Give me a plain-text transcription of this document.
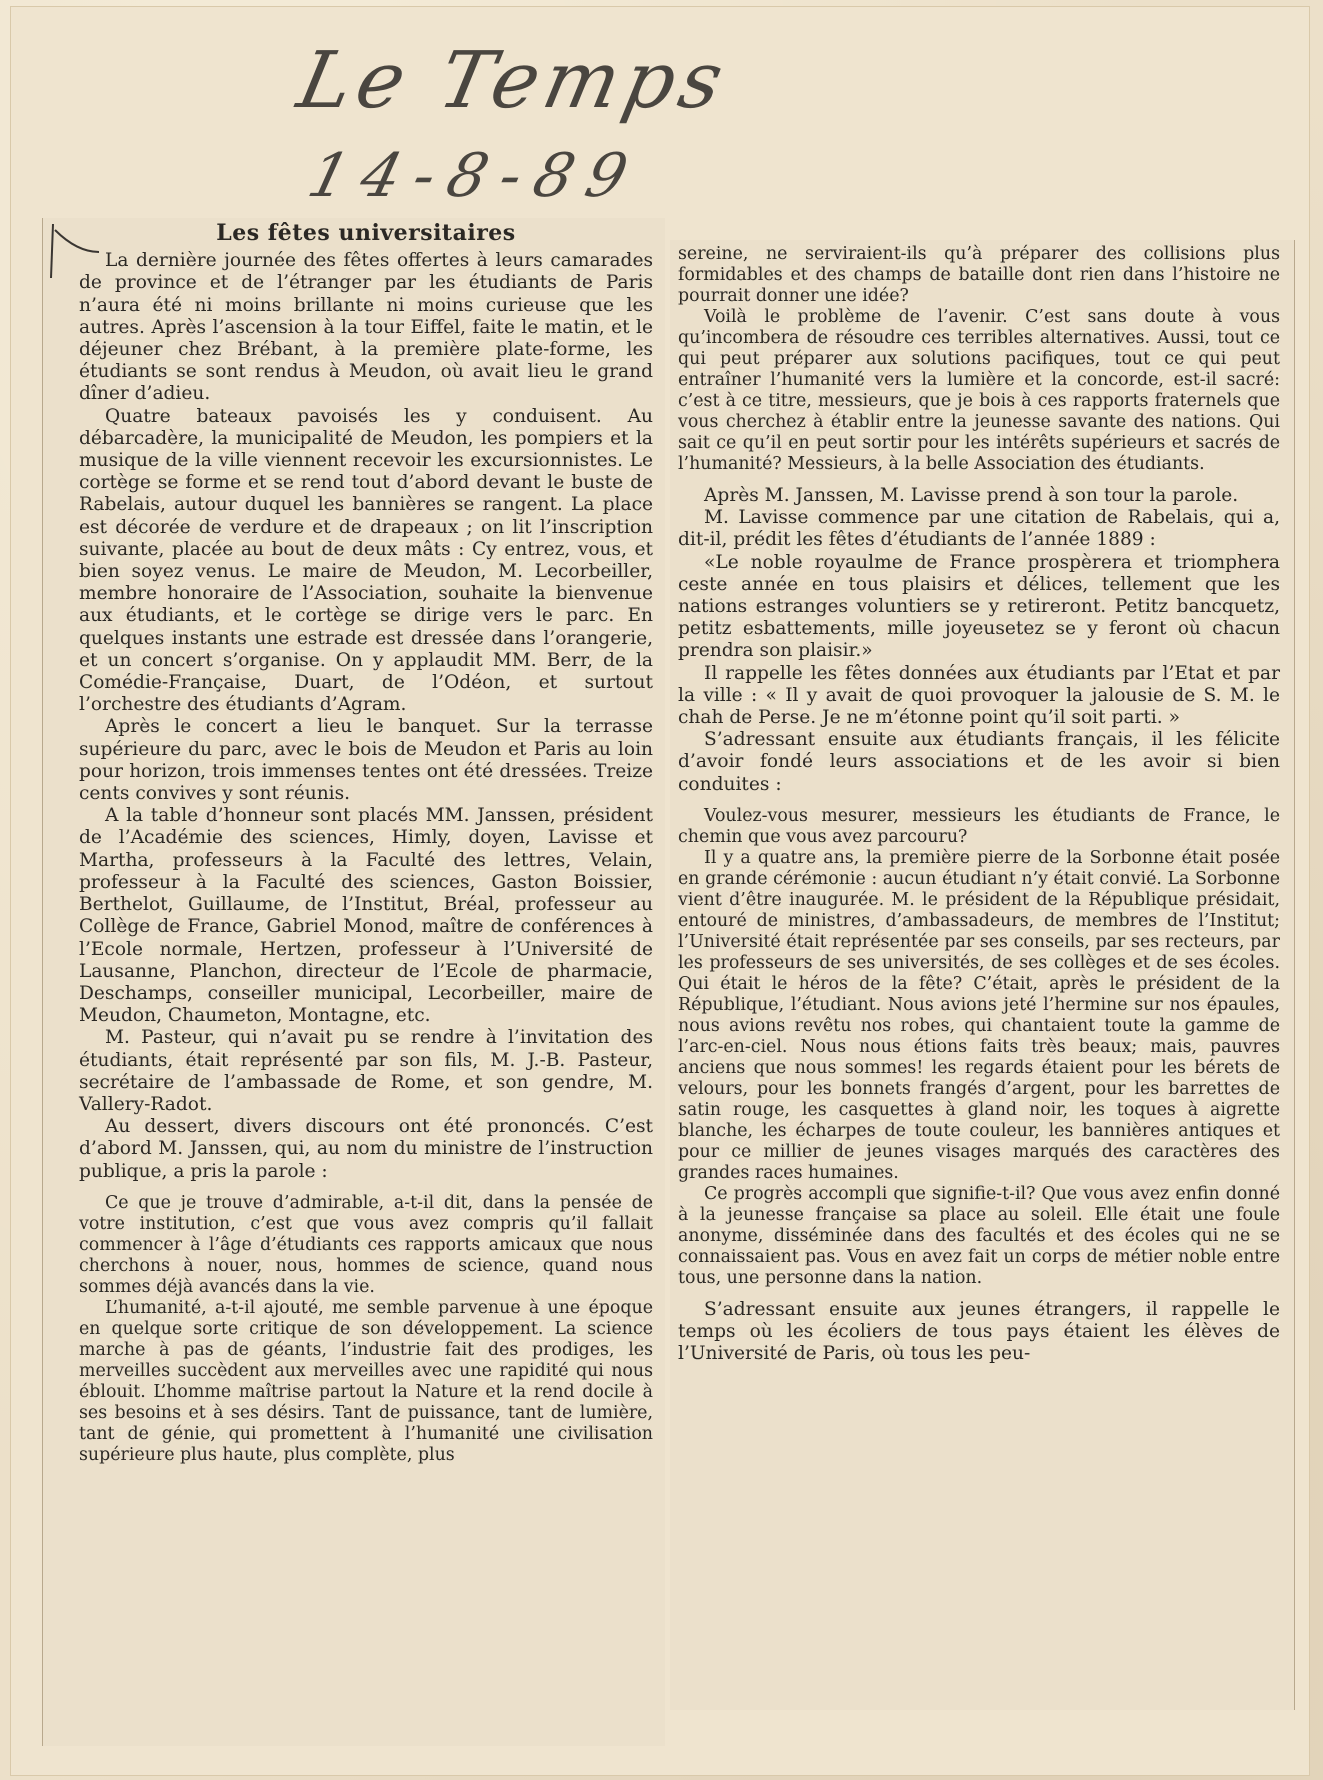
Le Temps
14-8-89
Les fêtes universitaires

La dernière journée des fêtes offertes à leurs camarades de province et de l’étranger par les étudiants de Paris n’aura été ni moins brillante ni moins curieuse que les autres. Après l’ascension à la tour Eiffel, faite le matin, et le déjeuner chez Brébant, à la première plate-forme, les étudiants se sont rendus à Meudon, où avait lieu le grand dîner d’adieu.

Quatre bateaux pavoisés les y conduisent. Au débarcadère, la municipalité de Meudon, les pompiers et la musique de la ville viennent recevoir les excursionnistes. Le cortège se forme et se rend tout d’abord devant le buste de Rabelais, autour duquel les bannières se rangent. La place est décorée de verdure et de drapeaux ; on lit l’inscription suivante, placée au bout de deux mâts : Cy entrez, vous, et bien soyez venus. Le maire de Meudon, M. Lecorbeiller, membre honoraire de l’Association, souhaite la bienvenue aux étudiants, et le cortège se dirige vers le parc. En quelques instants une estrade est dressée dans l’orangerie, et un concert s’organise. On y applaudit MM. Berr, de la Comédie-Française, Duart, de l’Odéon, et surtout l’orchestre des étudiants d’Agram.

Après le concert a lieu le banquet. Sur la terrasse supérieure du parc, avec le bois de Meudon et Paris au loin pour horizon, trois immenses tentes ont été dressées. Treize cents convives y sont réunis.

A la table d’honneur sont placés MM. Janssen, président de l’Académie des sciences, Himly, doyen, Lavisse et Martha, professeurs à la Faculté des lettres, Velain, professeur à la Faculté des sciences, Gaston Boissier, Berthelot, Guillaume, de l’Institut, Bréal, professeur au Collège de France, Gabriel Monod, maître de conférences à l’Ecole normale, Hertzen, professeur à l’Université de Lausanne, Planchon, directeur de l’Ecole de pharmacie, Deschamps, conseiller municipal, Lecorbeiller, maire de Meudon, Chaumeton, Montagne, etc.

M. Pasteur, qui n’avait pu se rendre à l’invitation des étudiants, était représenté par son fils, M. J.-B. Pasteur, secrétaire de l’ambassade de Rome, et son gendre, M. Vallery-Radot.

Au dessert, divers discours ont été prononcés. C’est d’abord M. Janssen, qui, au nom du ministre de l’instruction publique, a pris la parole :

Ce que je trouve d’admirable, a-t-il dit, dans la pensée de votre institution, c’est que vous avez compris qu’il fallait commencer à l’âge d’étudiants ces rapports amicaux que nous cherchons à nouer, nous, hommes de science, quand nous sommes déjà avancés dans la vie.

L’humanité, a-t-il ajouté, me semble parvenue à une époque en quelque sorte critique de son développement. La science marche à pas de géants, l’industrie fait des prodiges, les merveilles succèdent aux merveilles avec une rapidité qui nous éblouit. L’homme maîtrise partout la Nature et la rend docile à ses besoins et à ses désirs. Tant de puissance, tant de lumière, tant de génie, qui promettent à l’humanité une civilisation supérieure plus haute, plus complète, plus

sereine, ne serviraient-ils qu’à préparer des collisions plus formidables et des champs de bataille dont rien dans l’histoire ne pourrait donner une idée?

Voilà le problème de l’avenir. C’est sans doute à vous qu’incombera de résoudre ces terribles alternatives. Aussi, tout ce qui peut préparer aux solutions pacifiques, tout ce qui peut entraîner l’humanité vers la lumière et la concorde, est-il sacré: c’est à ce titre, messieurs, que je bois à ces rapports fraternels que vous cherchez à établir entre la jeunesse savante des nations. Qui sait ce qu’il en peut sortir pour les intérêts supérieurs et sacrés de l’humanité? Messieurs, à la belle Association des étudiants.

Après M. Janssen, M. Lavisse prend à son tour la parole.

M. Lavisse commence par une citation de Rabelais, qui a, dit-il, prédit les fêtes d’étudiants de l’année 1889 :

«Le noble royaulme de France prospèrera et triomphera ceste année en tous plaisirs et délices, tellement que les nations estranges voluntiers se y retireront. Petitz bancquetz, petitz esbattements, mille joyeusetez se y feront où chacun prendra son plaisir.»

Il rappelle les fêtes données aux étudiants par l’Etat et par la ville : « Il y avait de quoi provoquer la jalousie de S. M. le chah de Perse. Je ne m’étonne point qu’il soit parti. »

S’adressant ensuite aux étudiants français, il les félicite d’avoir fondé leurs associations et de les avoir si bien conduites :

Voulez-vous mesurer, messieurs les étudiants de France, le chemin que vous avez parcouru?

Il y a quatre ans, la première pierre de la Sorbonne était posée en grande cérémonie : aucun étudiant n’y était convié. La Sorbonne vient d’être inaugurée. M. le président de la République présidait, entouré de ministres, d’ambassadeurs, de membres de l’Institut; l’Université était représentée par ses conseils, par ses recteurs, par les professeurs de ses universités, de ses collèges et de ses écoles. Qui était le héros de la fête? C’était, après le président de la République, l’étudiant. Nous avions jeté l’hermine sur nos épaules, nous avions revêtu nos robes, qui chantaient toute la gamme de l’arc-en-ciel. Nous nous étions faits très beaux; mais, pauvres anciens que nous sommes! les regards étaient pour les bérets de velours, pour les bonnets frangés d’argent, pour les barrettes de satin rouge, les casquettes à gland noir, les toques à aigrette blanche, les écharpes de toute couleur, les bannières antiques et pour ce millier de jeunes visages marqués des caractères des grandes races humaines.

Ce progrès accompli que signifie-t-il? Que vous avez enfin donné à la jeunesse française sa place au soleil. Elle était une foule anonyme, disséminée dans des facultés et des écoles qui ne se connaissaient pas. Vous en avez fait un corps de métier noble entre tous, une personne dans la nation.

S’adressant ensuite aux jeunes étrangers, il rappelle le temps où les écoliers de tous pays étaient les élèves de l’Université de Paris, où tous les peu-
